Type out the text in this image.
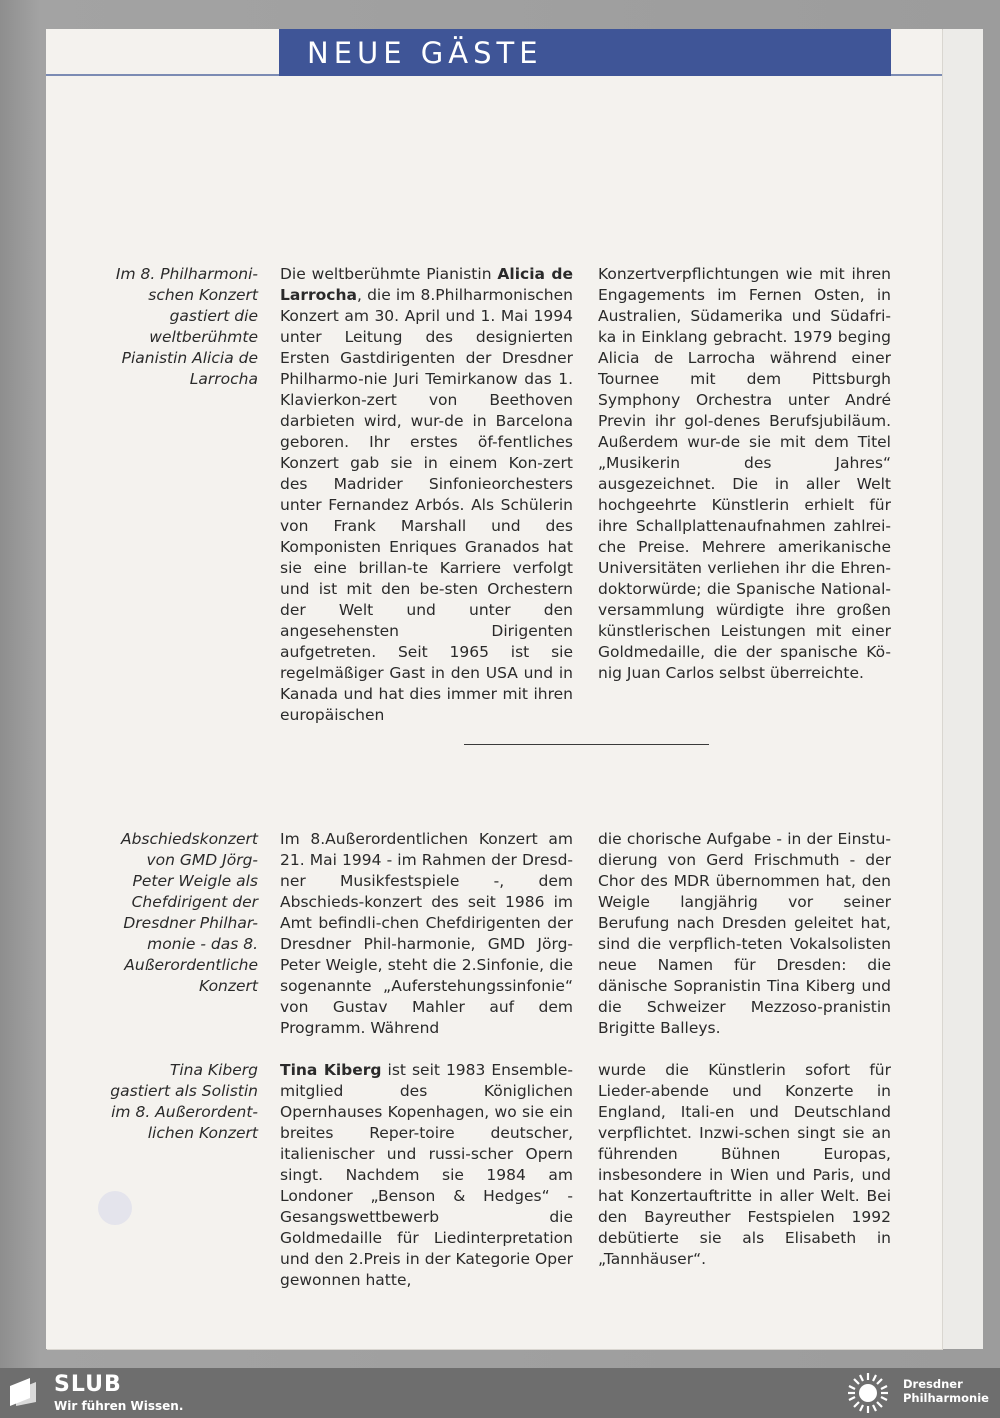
NEUE GÄSTE
Im 8. Philharmoni-
schen Konzert
gastiert die
weltberühmte
Pianistin Alicia de
Larrocha
Die weltberühmte Pianistin Alicia de Larrocha, die im 8.Philharmonischen Konzert am 30. April und 1. Mai 1994 unter Leitung des designierten Ersten Gastdirigenten der Dresdner Philharmo-nie Juri Temirkanow das 1. Klavierkon-zert von Beethoven darbieten wird, wur-de in Barcelona geboren. Ihr erstes öf-fentliches Konzert gab sie in einem Kon-zert des Madrider Sinfonieorchesters unter Fernandez Arbós. Als Schülerin von Frank Marshall und des Komponisten Enriques Granados hat sie eine brillan-te Karriere verfolgt und ist mit den be-sten Orchestern der Welt und unter den angesehensten Dirigenten aufgetreten. Seit 1965 ist sie regelmäßiger Gast in den USA und in Kanada und hat dies immer mit ihren europäischen
Konzertverpflichtungen wie mit ihren Engagements im Fernen Osten, in Australien, Südamerika und Südafri-ka in Einklang gebracht. 1979 beging Alicia de Larrocha während einer Tournee mit dem Pittsburgh Symphony Orchestra unter André Previn ihr gol-denes Berufsjubiläum. Außerdem wur-de sie mit dem Titel „Musikerin des Jahres“ ausgezeichnet. Die in aller Welt hochgeehrte Künstlerin erhielt für ihre Schallplattenaufnahmen zahlrei-che Preise. Mehrere amerikanische Universitäten verliehen ihr die Ehren-doktorwürde; die Spanische National-versammlung würdigte ihre großen künstlerischen Leistungen mit einer Goldmedaille, die der spanische Kö-nig Juan Carlos selbst überreichte.
Abschiedskonzert
von GMD Jörg-
Peter Weigle als
Chefdirigent der
Dresdner Philhar-
monie - das 8.
Außerordentliche
Konzert
Im 8.Außerordentlichen Konzert am 21. Mai 1994 - im Rahmen der Dresd-ner Musikfestspiele -, dem Abschieds-konzert des seit 1986 im Amt befindli-chen Chefdirigenten der Dresdner Phil-harmonie, GMD Jörg-Peter Weigle, steht die 2.Sinfonie, die sogenannte „Auferstehungssinfonie“ von Gustav Mahler auf dem Programm. Während
die chorische Aufgabe - in der Einstu-dierung von Gerd Frischmuth - der Chor des MDR übernommen hat, den Weigle langjährig vor seiner Berufung nach Dresden geleitet hat, sind die verpflich-teten Vokalsolisten neue Namen für Dresden: die dänische Sopranistin Tina Kiberg und die Schweizer Mezzoso-pranistin Brigitte Balleys.
Tina Kiberg
gastiert als Solistin
im 8. Außerordent-
lichen Konzert
Tina Kiberg ist seit 1983 Ensemble-mitglied des Königlichen Opernhauses Kopenhagen, wo sie ein breites Reper-toire deutscher, italienischer und russi-scher Opern singt. Nachdem sie 1984 am Londoner „Benson & Hedges“ - Gesangswettbewerb die Goldmedaille für Liedinterpretation und den 2.Preis in der Kategorie Oper gewonnen hatte,
wurde die Künstlerin sofort für Lieder-abende und Konzerte in England, Itali-en und Deutschland verpflichtet. Inzwi-schen singt sie an führenden Bühnen Europas, insbesondere in Wien und Paris, und hat Konzertauftritte in aller Welt. Bei den Bayreuther Festspielen 1992 debütierte sie als Elisabeth in „Tannhäuser“.
SLUB
Wir führen Wissen.
Dresdner
Philharmonie
